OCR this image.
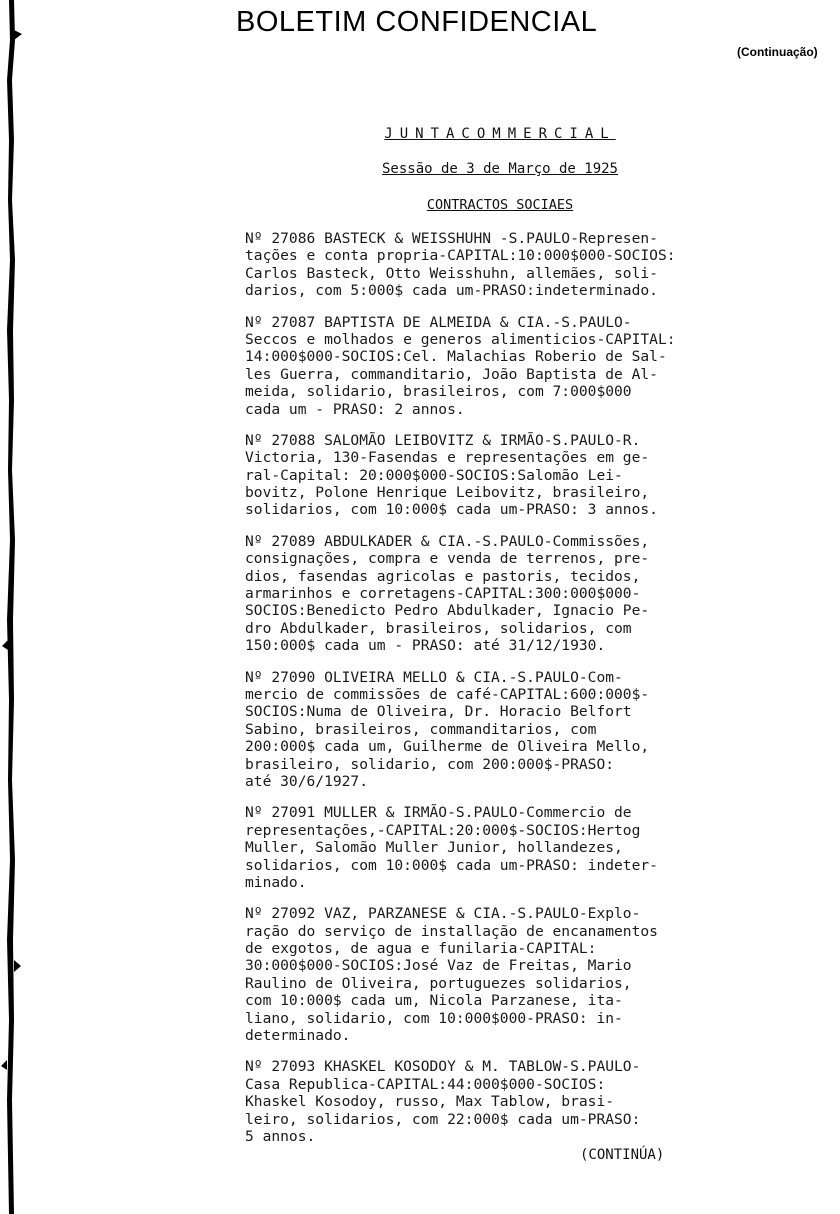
BOLETIM CONFIDENCIAL
(Continuação)
JUNTACOMMERCIAL
Sessão de 3 de Março de 1925
CONTRACTOS SOCIAES
Nº 27086 BASTECK & WEISSHUHN -S.PAULO-Represen-
tações e conta propria-CAPITAL:10:000$000-SOCIOS:
Carlos Basteck, Otto Weisshuhn, allemães, soli-
darios, com 5:000$ cada um-PRASO:indeterminado.
Nº 27087 BAPTISTA DE ALMEIDA & CIA.-S.PAULO-
Seccos e molhados e generos alimenticios-CAPITAL:
14:000$000-SOCIOS:Cel. Malachias Roberio de Sal-
les Guerra, commanditario, João Baptista de Al-
meida, solidario, brasileiros, com 7:000$000
cada um - PRASO: 2 annos.
Nº 27088 SALOMÃO LEIBOVITZ & IRMÃO-S.PAULO-R.
Victoria, 130-Fasendas e representações em ge-
ral-Capital: 20:000$000-SOCIOS:Salomão Lei-
bovitz, Polone Henrique Leibovitz, brasileiro,
solidarios, com 10:000$ cada um-PRASO: 3 annos.
Nº 27089 ABDULKADER & CIA.-S.PAULO-Commissões,
consignações, compra e venda de terrenos, pre-
dios, fasendas agricolas e pastoris, tecidos,
armarinhos e corretagens-CAPITAL:300:000$000-
SOCIOS:Benedicto Pedro Abdulkader, Ignacio Pe-
dro Abdulkader, brasileiros, solidarios, com
150:000$ cada um - PRASO: até 31/12/1930.
Nº 27090 OLIVEIRA MELLO & CIA.-S.PAULO-Com-
mercio de commissões de café-CAPITAL:600:000$-
SOCIOS:Numa de Oliveira, Dr. Horacio Belfort
Sabino, brasileiros, commanditarios, com
200:000$ cada um, Guilherme de Oliveira Mello,
brasileiro, solidario, com 200:000$-PRASO:
até 30/6/1927.
Nº 27091 MULLER & IRMÃO-S.PAULO-Commercio de
representações,-CAPITAL:20:000$-SOCIOS:Hertog
Muller, Salomão Muller Junior, hollandezes,
solidarios, com 10:000$ cada um-PRASO: indeter-
minado.
Nº 27092 VAZ, PARZANESE & CIA.-S.PAULO-Explo-
ração do serviço de installação de encanamentos
de exgotos, de agua e funilaria-CAPITAL:
30:000$000-SOCIOS:José Vaz de Freitas, Mario
Raulino de Oliveira, portuguezes solidarios,
com 10:000$ cada um, Nicola Parzanese, ita-
liano, solidario, com 10:000$000-PRASO: in-
determinado.
Nº 27093 KHASKEL KOSODOY & M. TABLOW-S.PAULO-
Casa Republica-CAPITAL:44:000$000-SOCIOS:
Khaskel Kosodoy, russo, Max Tablow, brasi-
leiro, solidarios, com 22:000$ cada um-PRASO:
5 annos.
(CONTINÚA)
